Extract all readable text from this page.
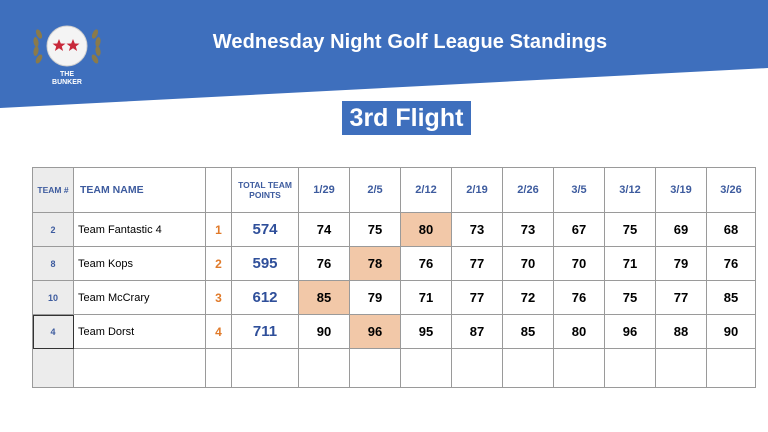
THE
BUNKER
Wednesday Night Golf League Standings
3rd Flight
TEAM #	TEAM NAME		TOTAL TEAM POINTS	1/29	2/5	2/12	2/19	2/26	3/5	3/12	3/19	3/26
2	Team Fantastic 4	1	574	74	75	80	73	73	67	75	69	68
8	Team Kops	2	595	76	78	76	77	70	70	71	79	76
10	Team McCrary	3	612	85	79	71	77	72	76	75	77	85
4	Team Dorst	4	711	90	96	95	87	85	80	96	88	90
